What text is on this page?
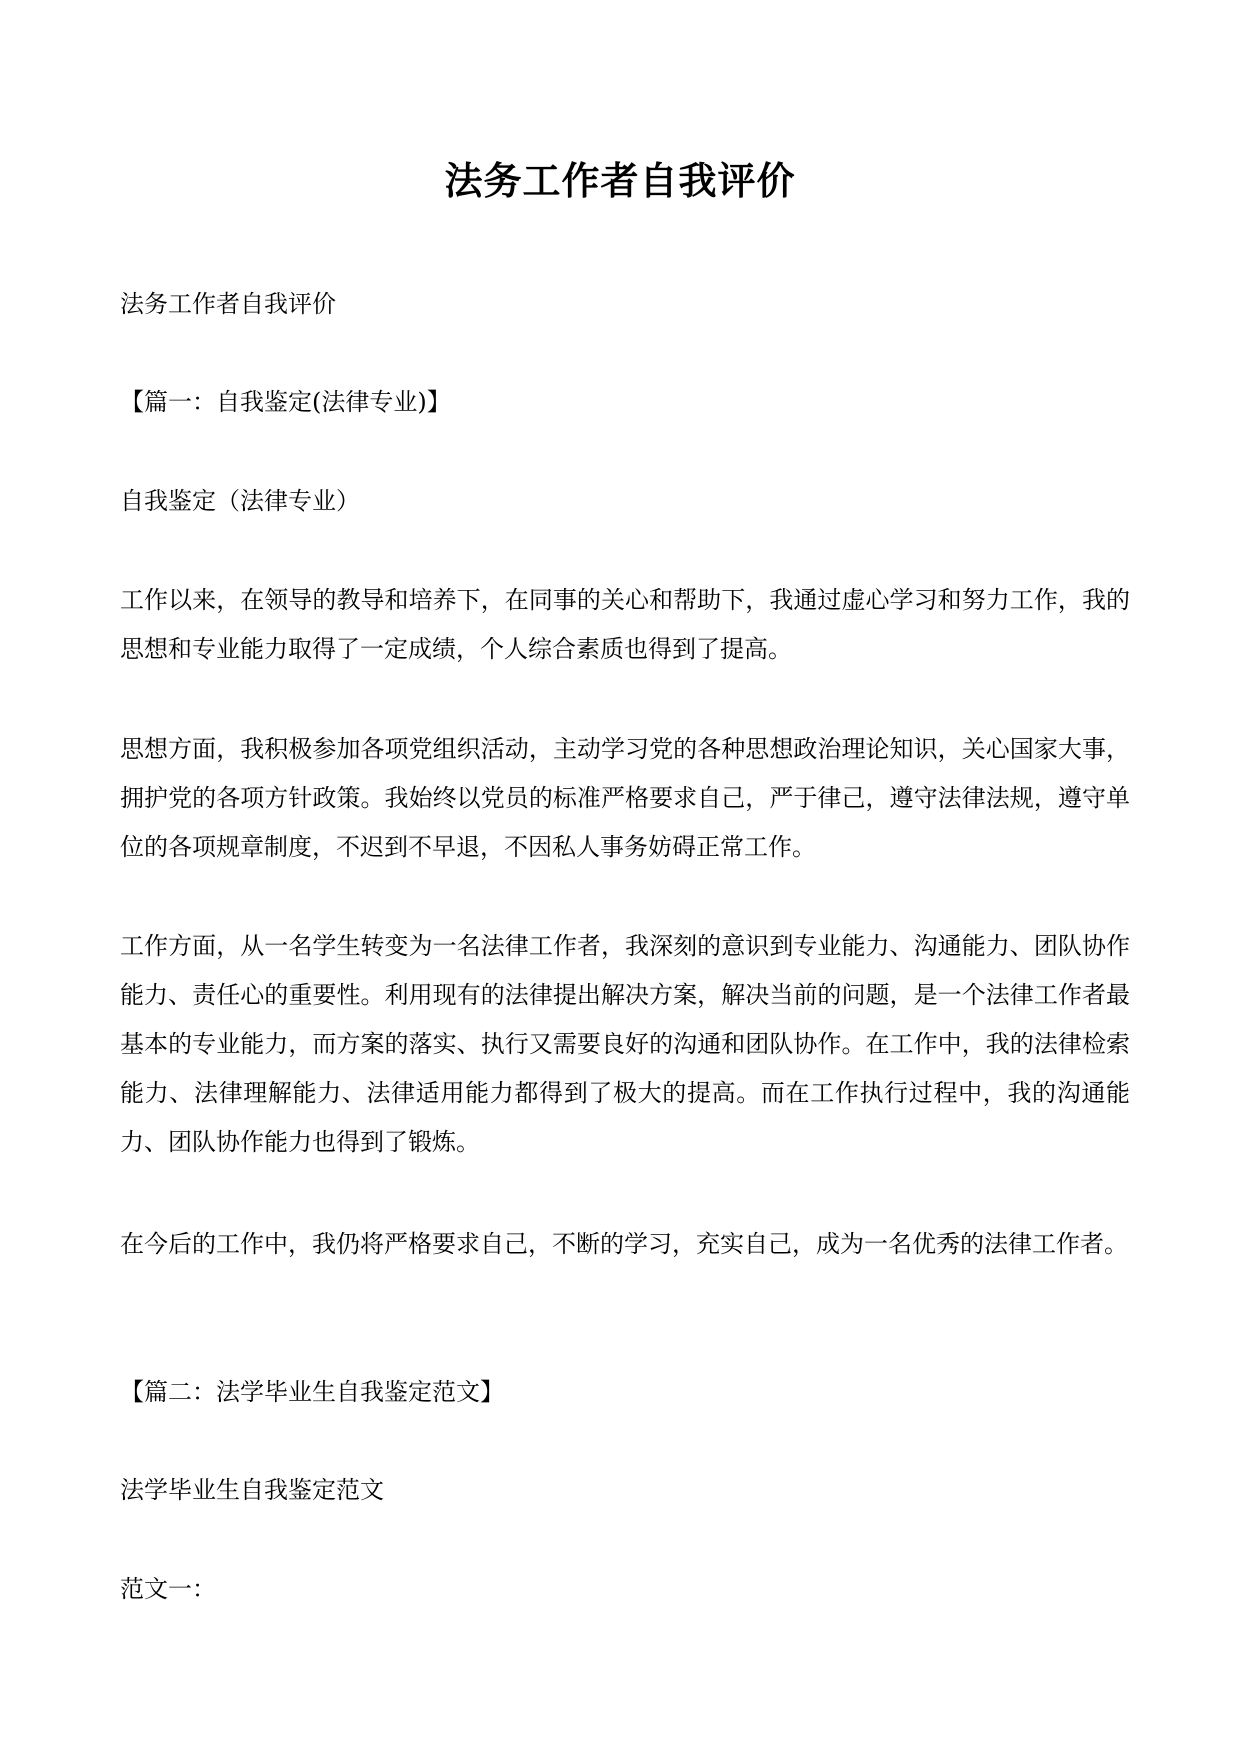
法务工作者自我评价

法务工作者自我评价

【篇一：自我鉴定(法律专业)】

自我鉴定（法律专业）

工作以来，在领导的教导和培养下，在同事的关心和帮助下，我通过虚心学习和努力工作，我的思想和专业能力取得了一定成绩，个人综合素质也得到了提高。

思想方面，我积极参加各项党组织活动，主动学习党的各种思想政治理论知识，关心国家大事，拥护党的各项方针政策。我始终以党员的标准严格要求自己，严于律己，遵守法律法规，遵守单位的各项规章制度，不迟到不早退，不因私人事务妨碍正常工作。

工作方面，从一名学生转变为一名法律工作者，我深刻的意识到专业能力、沟通能力、团队协作能力、责任心的重要性。利用现有的法律提出解决方案，解决当前的问题，是一个法律工作者最基本的专业能力，而方案的落实、执行又需要良好的沟通和团队协作。在工作中，我的法律检索能力、法律理解能力、法律适用能力都得到了极大的提高。而在工作执行过程中，我的沟通能力、团队协作能力也得到了锻炼。

在今后的工作中，我仍将严格要求自己，不断的学习，充实自己，成为一名优秀的法律工作者。

【篇二：法学毕业生自我鉴定范文】

法学毕业生自我鉴定范文

范文一：
